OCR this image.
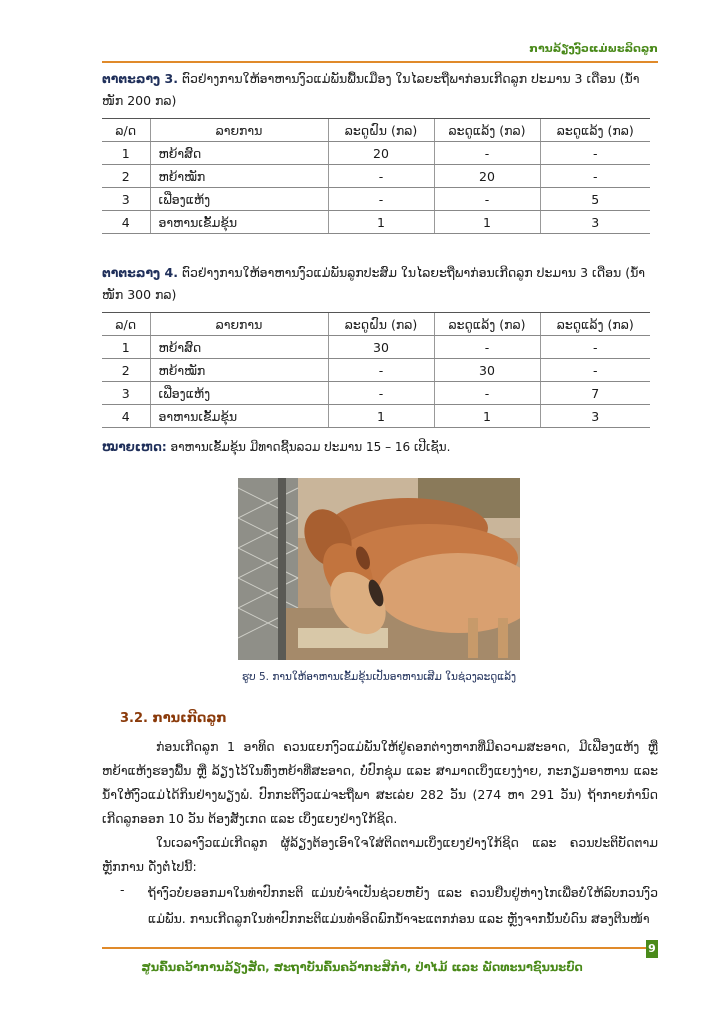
ການລ້ຽງງົວແມ່ພະລິດລູກ
ຕາຕະລາງ 3. ຕົວຢ່າງການໃຫ້ອາຫານງົວແມ່ພັນພື້ນເມືອງ ໃນໄລຍະຖືພາກ່ອນເກີດລູກ ປະມານ 3 ເດືອນ (ນ້ຳໜັກ 200 ກລ)
ລ/ດ	ລາຍການ	ລະດູຝົນ (ກລ)	ລະດູແລ້ງ (ກລ)	ລະດູແລ້ງ (ກລ)
1	ຫຍ້າສົດ	20	-	-
2	ຫຍ້າໝັກ	-	20	-
3	ເຟືອງແຫ້ງ	-	-	5
4	ອາຫານເຂັ້ມຂຸ້ນ	1	1	3
ຕາຕະລາງ 4. ຕົວຢ່າງການໃຫ້ອາຫານງົວແມ່ພັນລູກປະສົມ ໃນໄລຍະຖືພາກ່ອນເກີດລູກ ປະມານ 3 ເດືອນ (ນ້ຳໜັກ 300 ກລ)
ລ/ດ	ລາຍການ	ລະດູຝົນ (ກລ)	ລະດູແລ້ງ (ກລ)	ລະດູແລ້ງ (ກລ)
1	ຫຍ້າສົດ	30	-	-
2	ຫຍ້າໝັກ	-	30	-
3	ເຟືອງແຫ້ງ	-	-	7
4	ອາຫານເຂັ້ມຂຸ້ນ	1	1	3
ໝາຍເຫດ: ອາຫານເຂັ້ມຂຸ້ນ ມີທາດຊີ້ນລວມ ປະມານ 15 – 16 ເປີເຊັນ.
ຮູບ 5. ການໃຫ້ອາຫານເຂັ້ມຂຸ້ນເປັນອາຫານເສີມ ໃນຊ່ວງລະດູແລ້ງ
3.2. ການເກີດລູກ
ກ່ອນເກີດລູກ 1 ອາທິດ ຄວນແຍກງົວແມ່ພັນໃຫ້ຢູ່ຄອກຕ່າງຫາກທີ່ມີຄວາມສະອາດ, ມີເຟືອງແຫ້ງ ຫຼື ຫຍ້າແຫ້ງຮອງພື້ນ ຫຼື ລ້ຽງໄວ້ໃນທົ່ງຫຍ້າທີ່ສະອາດ, ບໍ່ປົກຊຸ່ມ ແລະ ສາມາດເບິ່ງແຍງງ່າຍ, ກະກຽມອາຫານ ແລະ ນ້ຳໃຫ້ງົວແມ່ໄດ້ກິນຢ່າງພຽງພໍ. ປົກກະຕິງົວແມ່ຈະຖືພາ ສະເລ່ຍ 282 ວັນ (274 ຫາ 291 ວັນ) ຖ້າກາຍກຳນົດເກີດລູກອອກ 10 ວັນ ຕ້ອງສັງເກດ ແລະ ເບິ່ງແຍງຢ່າງໃກ້ຊິດ.
ໃນເວລາງົວແມ່ເກີດລູກ ຜູ້ລ້ຽງຕ້ອງເອົາໃຈໃສ່ຕິດຕາມເບິ່ງແຍງຢ່າງໃກ້ຊິດ ແລະ ຄວນປະຕິບັດຕາມຫຼັກການ ດັ່ງຕໍ່ໄປນີ້:
- ຖ້າງົວບໍ່ຍອອກມາໃນທ່າປົກກະຕິ ແມ່ນບໍ່ຈຳເປັນຊ່ວຍຫຍັງ ແລະ ຄວນຢືນຢູ່ຫ່າງໄກເພື່ອບໍ່ໃຫ້ລົບກວນງົວແມ່ພັນ. ການເກີດລູກໃນທ່າປົກກະຕິແມ່ນທຳອິດພົກນ້ຳຈະແຕກກ່ອນ ແລະ ຫຼັງຈາກນັ້ນບໍ່ດົນ ສອງຕີນໜ້າ
9
ສູນຄົ້ນຄວ້າການລ້ຽງສັດ, ສະຖາບັນຄົ້ນຄວ້າກະສິກຳ, ປ່າໄມ້ ແລະ ພັດທະນາຊົນນະບົດ
